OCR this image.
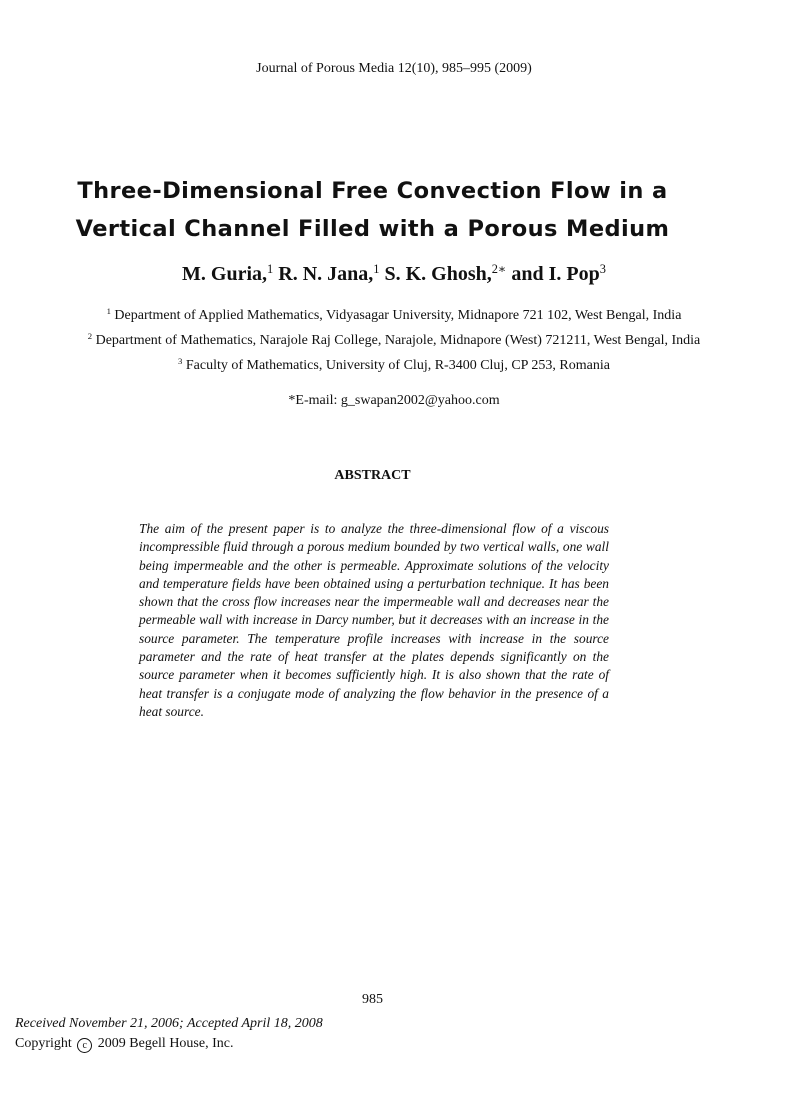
Journal of Porous Media 12(10), 985–995 (2009)
Three-Dimensional Free Convection Flow in a
Vertical Channel Filled with a Porous Medium
M. Guria,$^1$ R. N. Jana,$^1$ S. K. Ghosh,$^{2∗}$ and I. Pop$^3$
$^1$ Department of Applied Mathematics, Vidyasagar University, Midnapore 721 102, West Bengal, India
$^2$ Department of Mathematics, Narajole Raj College, Narajole, Midnapore (West) 721211, West Bengal, India
$^3$ Faculty of Mathematics, University of Cluj, R-3400 Cluj, CP 253, Romania
*E-mail: g_swapan2002@yahoo.com
ABSTRACT
The aim of the present paper is to analyze the three-dimensional flow of a viscous incompressible fluid through a porous medium bounded by two vertical walls, one wall being impermeable and the other is permeable. Approximate solutions of the velocity and temperature fields have been obtained using a perturbation technique. It has been shown that the cross flow increases near the impermeable wall and decreases near the permeable wall with increase in Darcy number, but it decreases with an increase in the source parameter. The temperature profile increases with increase in the source parameter and the rate of heat transfer at the plates depends significantly on the source parameter when it becomes sufficiently high. It is also shown that the rate of heat transfer is a conjugate mode of analyzing the flow behavior in the presence of a heat source.
985
Received November 21, 2006; Accepted April 18, 2008
Copyright c 2009 Begell House, Inc.
